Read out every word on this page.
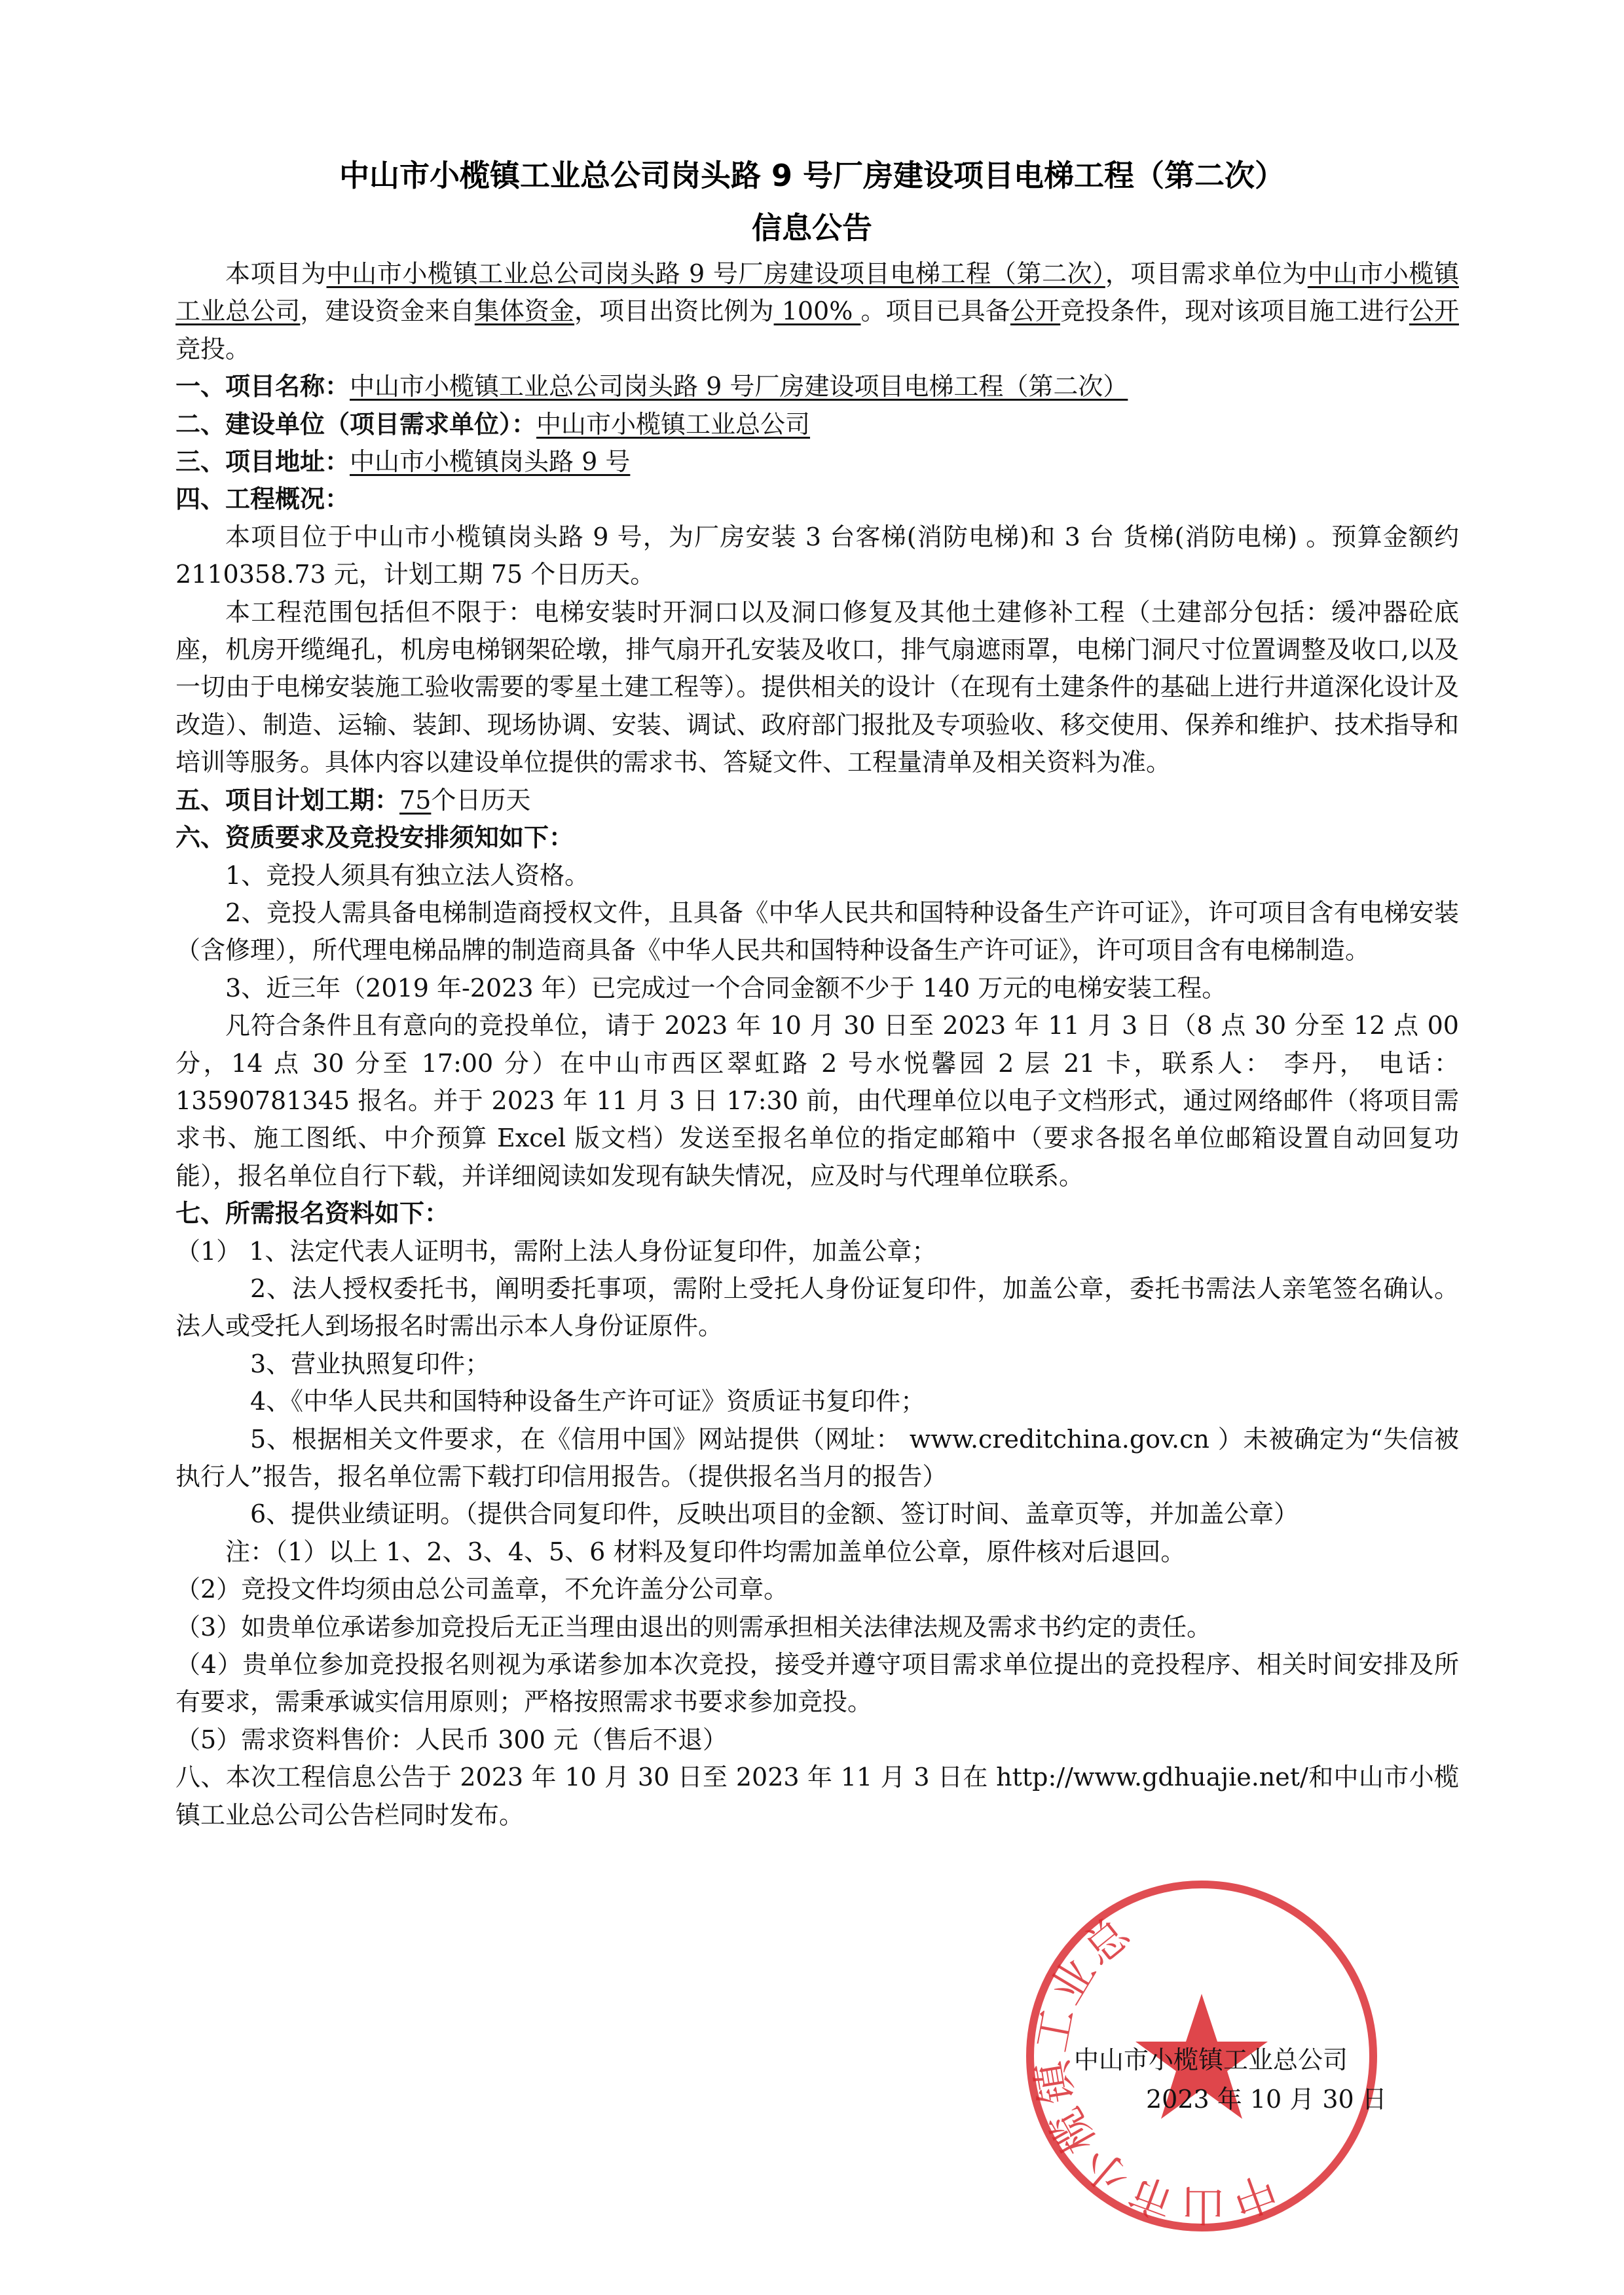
中山市小榄镇工业总公司岗头路 9 号厂房建设项目电梯工程（第二次）
信息公告

本项目为中山市小榄镇工业总公司岗头路 9 号厂房建设项目电梯工程（第二次），项目需求单位为中山市小榄镇工业总公司，建设资金来自集体资金，项目出资比例为 100% 。项目已具备公开竞投条件，现对该项目施工进行公开竞投。

一、项目名称：中山市小榄镇工业总公司岗头路 9 号厂房建设项目电梯工程（第二次）

二、建设单位（项目需求单位）：中山市小榄镇工业总公司

三、项目地址：中山市小榄镇岗头路 9 号

四、工程概况：

本项目位于中山市小榄镇岗头路 9 号，为厂房安装 3 台客梯(消防电梯)和 3 台 货梯(消防电梯) 。预算金额约 2110358.73 元，计划工期 75 个日历天。

本工程范围包括但不限于：电梯安装时开洞口以及洞口修复及其他土建修补工程（土建部分包括：缓冲器砼底座，机房开缆绳孔，机房电梯钢架砼墩，排气扇开孔安装及收口，排气扇遮雨罩，电梯门洞尺寸位置调整及收口,以及一切由于电梯安装施工验收需要的零星土建工程等）。提供相关的设计（在现有土建条件的基础上进行井道深化设计及改造）、制造、运输、装卸、现场协调、安装、调试、政府部门报批及专项验收、移交使用、保养和维护、技术指导和培训等服务。具体内容以建设单位提供的需求书、答疑文件、工程量清单及相关资料为准。

五、项目计划工期：75个日历天

六、资质要求及竞投安排须知如下：

1、竞投人须具有独立法人资格。

2、竞投人需具备电梯制造商授权文件，且具备《中华人民共和国特种设备生产许可证》，许可项目含有电梯安装（含修理），所代理电梯品牌的制造商具备《中华人民共和国特种设备生产许可证》，许可项目含有电梯制造。

3、近三年（2019 年-2023 年）已完成过一个合同金额不少于 140 万元的电梯安装工程。

凡符合条件且有意向的竞投单位，请于 2023 年 10 月 30 日至 2023 年 11 月 3 日（8 点 30 分至 12 点 00 分，14 点 30 分至 17:00 分）在中山市西区翠虹路 2 号水悦馨园 2 层 21 卡，联系人： 李丹， 电话：13590781345 报名。并于 2023 年 11 月 3 日 17:30 前，由代理单位以电子文档形式，通过网络邮件（将项目需求书、施工图纸、中介预算 Excel 版文档）发送至报名单位的指定邮箱中（要求各报名单位邮箱设置自动回复功能），报名单位自行下载，并详细阅读如发现有缺失情况，应及时与代理单位联系。

七、所需报名资料如下：

（1） 1、法定代表人证明书，需附上法人身份证复印件，加盖公章；

2、法人授权委托书，阐明委托事项，需附上受托人身份证复印件，加盖公章，委托书需法人亲笔签名确认。法人或受托人到场报名时需出示本人身份证原件。

3、营业执照复印件；

4、《中华人民共和国特种设备生产许可证》资质证书复印件；

5、根据相关文件要求，在《信用中国》网站提供（网址： www.creditchina.gov.cn ）未被确定为“失信被执行人”报告，报名单位需下载打印信用报告。（提供报名当月的报告）

6、提供业绩证明。（提供合同复印件，反映出项目的金额、签订时间、盖章页等，并加盖公章）

注：（1）以上 1、2、3、4、5、6 材料及复印件均需加盖单位公章，原件核对后退回。

（2）竞投文件均须由总公司盖章，不允许盖分公司章。

（3）如贵单位承诺参加竞投后无正当理由退出的则需承担相关法律法规及需求书约定的责任。

（4）贵单位参加竞投报名则视为承诺参加本次竞投，接受并遵守项目需求单位提出的竞投程序、相关时间安排及所有要求，需秉承诚实信用原则；严格按照需求书要求参加竞投。

（5）需求资料售价：人民币 300 元（售后不退）

八、本次工程信息公告于 2023 年 10 月 30 日至 2023 年 11 月 3 日在 http://www.gdhuajie.net/和中山市小榄镇工业总公司公告栏同时发布。

中山市小榄镇工业总公司
中山市小榄镇工业总公司
2023 年 10 月 30 日
